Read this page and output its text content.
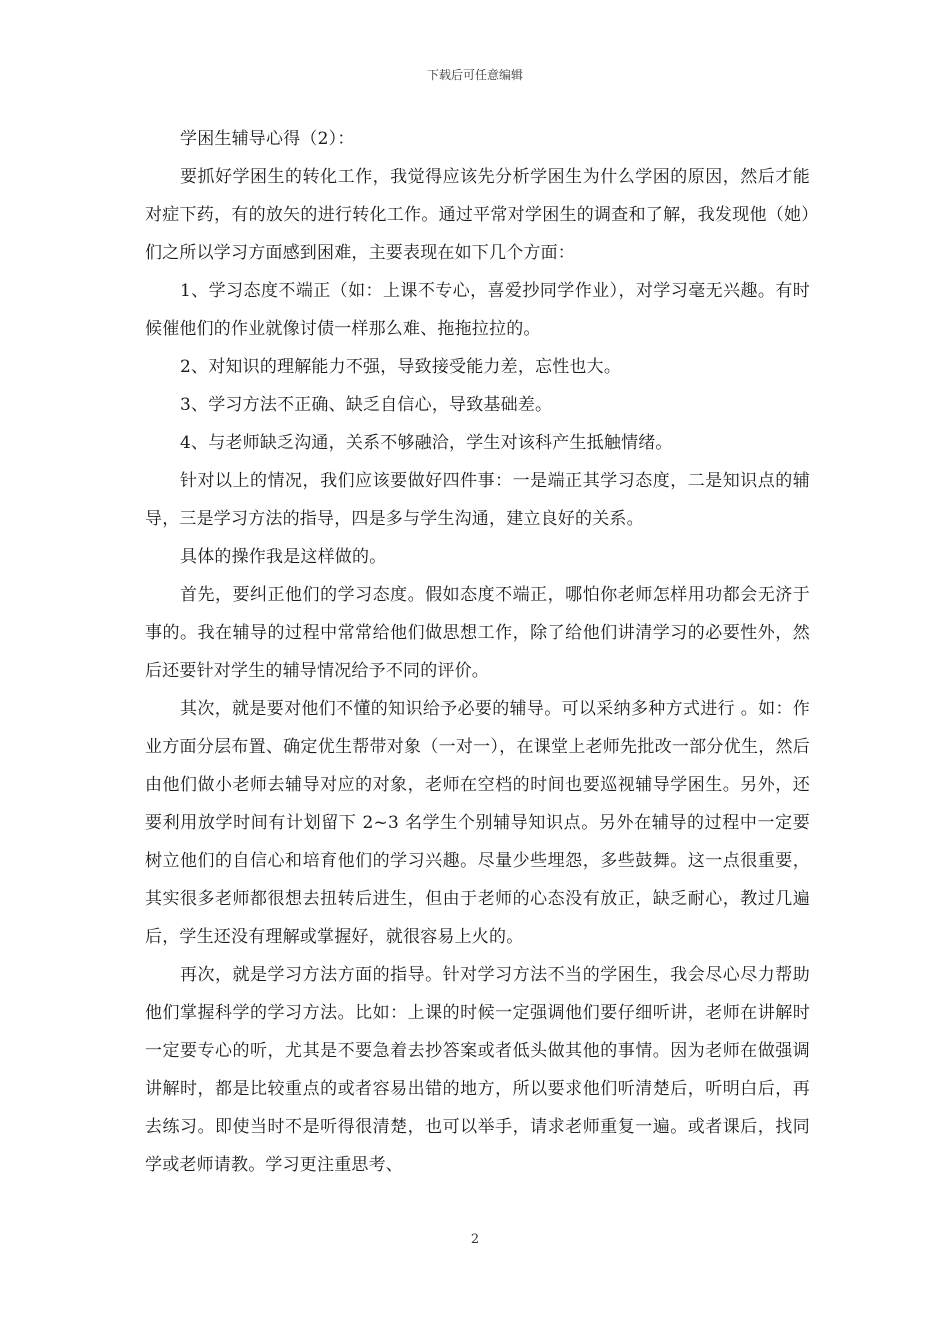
下载后可任意编辑

学困生辅导心得（2）：

要抓好学困生的转化工作，我觉得应该先分析学困生为什么学困的原因，然后才能对症下药，有的放矢的进行转化工作。通过平常对学困生的调查和了解，我发现他（她）们之所以学习方面感到困难，主要表现在如下几个方面：

1、学习态度不端正（如：上课不专心，喜爱抄同学作业），对学习毫无兴趣。有时候催他们的作业就像讨债一样那么难、拖拖拉拉的。

2、对知识的理解能力不强，导致接受能力差，忘性也大。

3、学习方法不正确、缺乏自信心，导致基础差。

4、与老师缺乏沟通，关系不够融洽，学生对该科产生抵触情绪。

针对以上的情况，我们应该要做好四件事：一是端正其学习态度，二是知识点的辅导，三是学习方法的指导，四是多与学生沟通，建立良好的关系。

具体的操作我是这样做的。

首先，要纠正他们的学习态度。假如态度不端正，哪怕你老师怎样用功都会无济于事的。我在辅导的过程中常常给他们做思想工作，除了给他们讲清学习的必要性外，然后还要针对学生的辅导情况给予不同的评价。

其次，就是要对他们不懂的知识给予必要的辅导。可以采纳多种方式进行 。如：作业方面分层布置、确定优生帮带对象（一对一），在课堂上老师先批改一部分优生，然后由他们做小老师去辅导对应的对象，老师在空档的时间也要巡视辅导学困生。另外，还要利用放学时间有计划留下 2~3 名学生个别辅导知识点。另外在辅导的过程中一定要树立他们的自信心和培育他们的学习兴趣。尽量少些埋怨，多些鼓舞。这一点很重要，其实很多老师都很想去扭转后进生，但由于老师的心态没有放正，缺乏耐心，教过几遍后，学生还没有理解或掌握好，就很容易上火的。

再次，就是学习方法方面的指导。针对学习方法不当的学困生，我会尽心尽力帮助他们掌握科学的学习方法。比如：上课的时候一定强调他们要仔细听讲，老师在讲解时一定要专心的听，尤其是不要急着去抄答案或者低头做其他的事情。因为老师在做强调讲解时，都是比较重点的或者容易出错的地方，所以要求他们听清楚后，听明白后，再去练习。即使当时不是听得很清楚，也可以举手，请求老师重复一遍。或者课后，找同学或老师请教。学习更注重思考、

2
